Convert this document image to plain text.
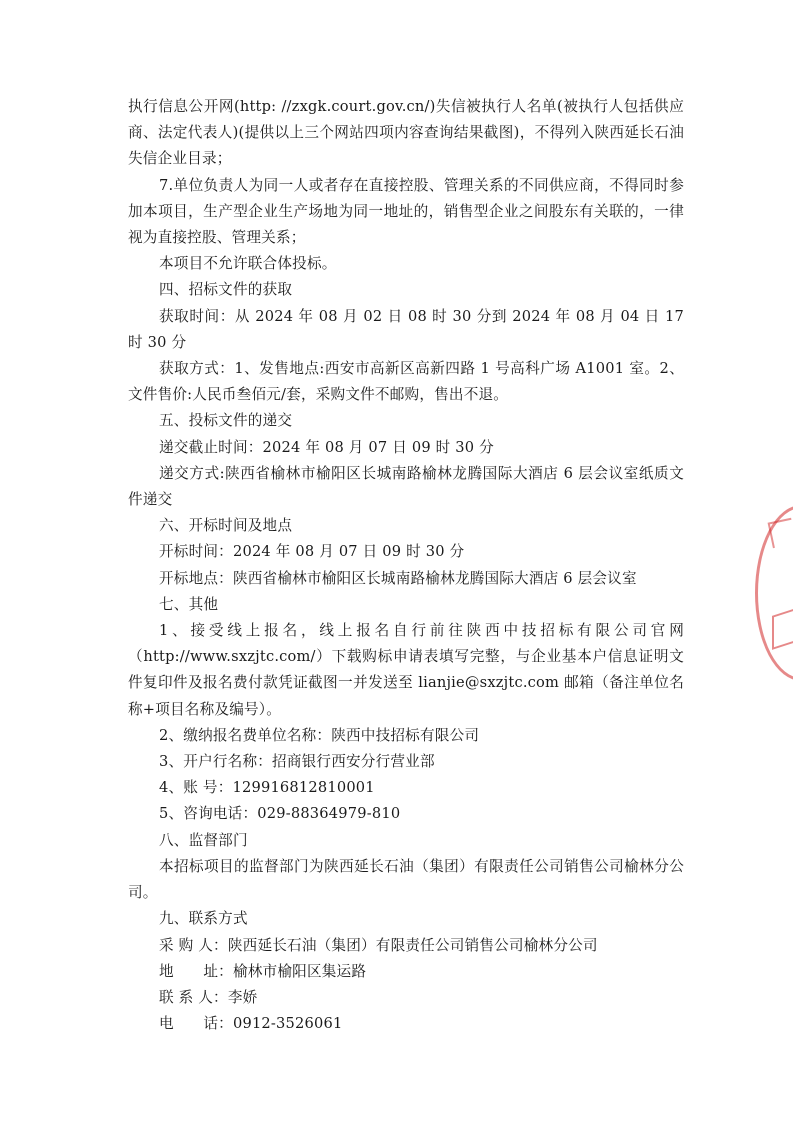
执行信息公开网(http: //zxgk.court.gov.cn/)失信被执行人名单(被执行人包括供应商、法定代表人)(提供以上三个网站四项内容查询结果截图)，不得列入陕西延长石油失信企业目录；

7.单位负责人为同一人或者存在直接控股、管理关系的不同供应商，不得同时参加本项目，生产型企业生产场地为同一地址的，销售型企业之间股东有关联的，一律视为直接控股、管理关系；

本项目不允许联合体投标。

四、招标文件的获取

获取时间：从 2024 年 08 月 02 日 08 时 30 分到 2024 年 08 月 04 日 17 时 30 分

获取方式：1、发售地点:西安市高新区高新四路 1 号高科广场 A1001 室。2、文件售价:人民币叁佰元/套，采购文件不邮购，售出不退。

五、投标文件的递交

递交截止时间：2024 年 08 月 07 日 09 时 30 分

递交方式:陕西省榆林市榆阳区长城南路榆林龙腾国际大酒店 6 层会议室纸质文件递交

六、开标时间及地点

开标时间：2024 年 08 月 07 日 09 时 30 分

开标地点：陕西省榆林市榆阳区长城南路榆林龙腾国际大酒店 6 层会议室

七、其他

1、接受线上报名，线上报名自行前往陕西中技招标有限公司官网（http://www.sxzjtc.com/）下载购标申请表填写完整，与企业基本户信息证明文件复印件及报名费付款凭证截图一并发送至 lianjie@sxzjtc.com 邮箱（备注单位名称+项目名称及编号）。

2、缴纳报名费单位名称：陕西中技招标有限公司

3、开户行名称：招商银行西安分行营业部

4、账 号：129916812810001

5、咨询电话：029-88364979-810

八、监督部门

本招标项目的监督部门为陕西延长石油（集团）有限责任公司销售公司榆林分公司。

九、联系方式

采 购 人：陕西延长石油（集团）有限责任公司销售公司榆林分公司

地　　址：榆林市榆阳区集运路

联 系 人：李娇

电　　话：0912-3526061
